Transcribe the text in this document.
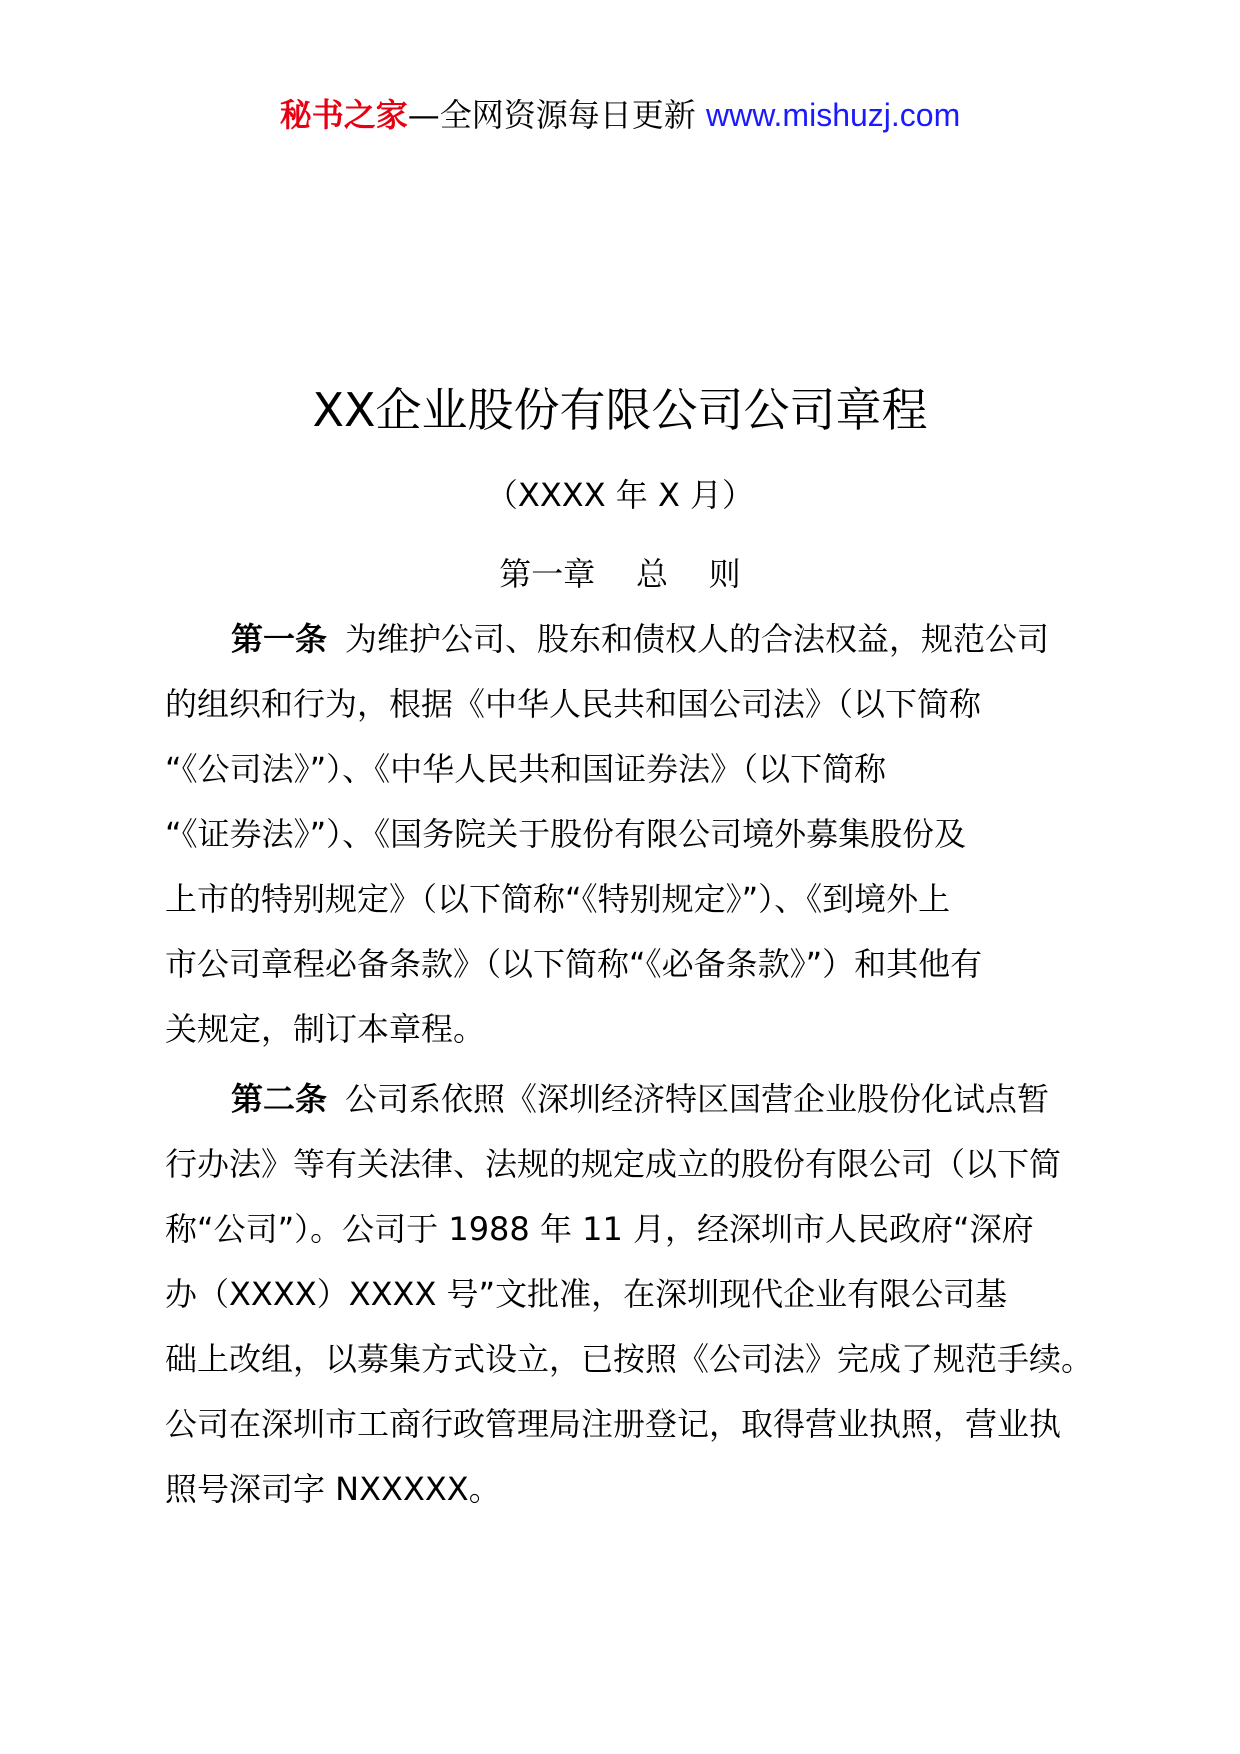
秘书之家—全网资源每日更新 www.mishuzj.com
XX企业股份有限公司公司章程
（XXXX 年 X 月）
第一章    总    则
第一条 为维护公司、股东和债权人的合法权益，规范公司
的组织和行为，根据《中华人民共和国公司法》（以下简称
“《公司法》”）、《中华人民共和国证券法》（以下简称
“《证券法》”）、《国务院关于股份有限公司境外募集股份及
上市的特别规定》（以下简称“《特别规定》”）、《到境外上
市公司章程必备条款》（以下简称“《必备条款》”）和其他有
关规定，制订本章程。
第二条 公司系依照《深圳经济特区国营企业股份化试点暂
行办法》等有关法律、法规的规定成立的股份有限公司（以下简
称“公司”）。公司于 1988 年 11 月，经深圳市人民政府“深府
办（XXXX）XXXX 号”文批准，在深圳现代企业有限公司基
础上改组，以募集方式设立，已按照《公司法》完成了规范手续。
公司在深圳市工商行政管理局注册登记，取得营业执照，营业执
照号深司字 NXXXXX。
